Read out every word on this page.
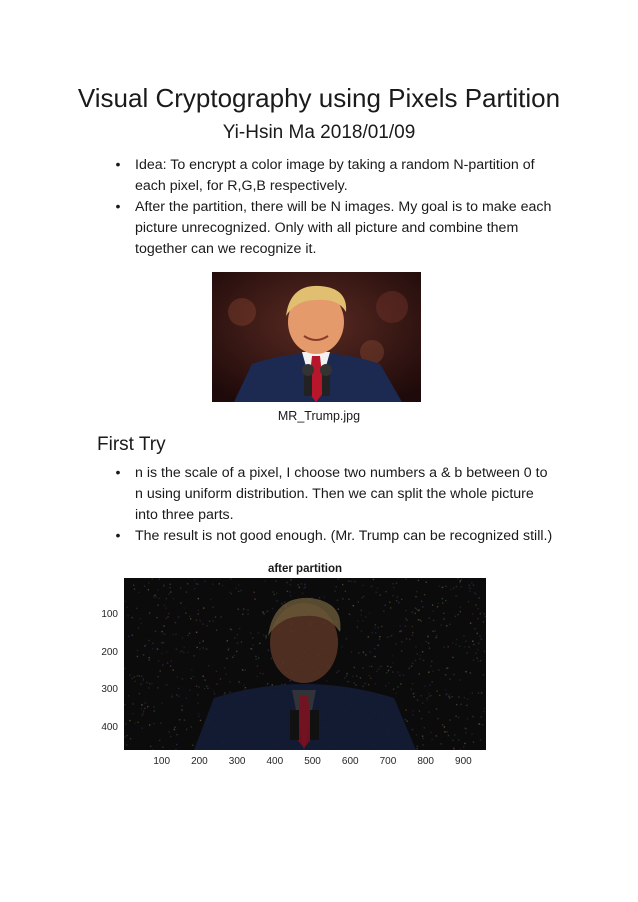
Visual Cryptography using Pixels Partition
Yi-Hsin Ma 2018/01/09
• Idea: To encrypt a color image by taking a random N-partition of each pixel, for R,G,B respectively.
• After the partition, there will be N images. My goal is to make each picture unrecognized. Only with all picture and combine them together can we recognize it.
MR_Trump.jpg
First Try
• n is the scale of a pixel, I choose two numbers a & b between 0 to n using uniform distribution. Then we can split the whole picture into three parts.
• The result is not good enough. (Mr. Trump can be recognized still.)
after partition
100
200
300
400
100	200	300	400	500	600	700	800	900
